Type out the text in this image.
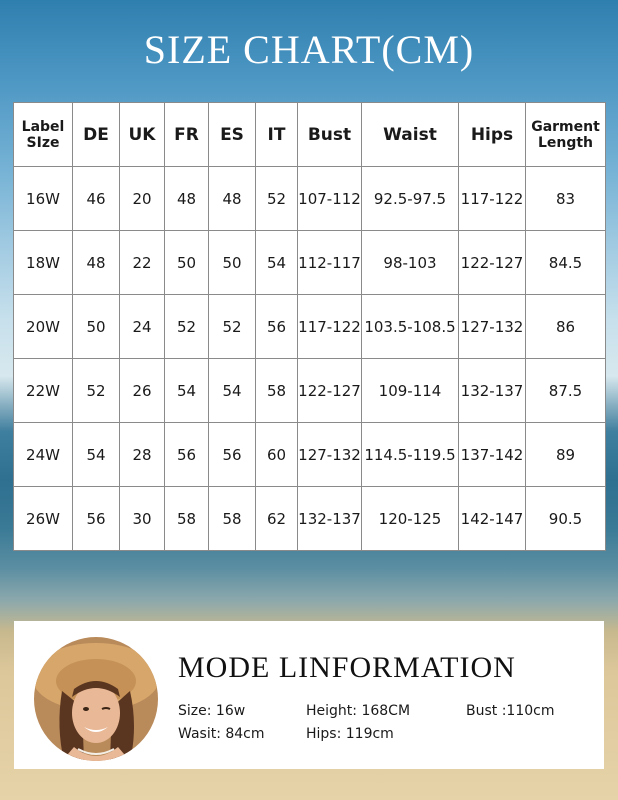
SIZE CHART(CM)
Label SIze	DE	UK	FR	ES	IT	Bust	Waist	Hips	Garment Length
16W	46	20	48	48	52	107-112	92.5-97.5	117-122	83
18W	48	22	50	50	54	112-117	98-103	122-127	84.5
20W	50	24	52	52	56	117-122	103.5-108.5	127-132	86
22W	52	26	54	54	58	122-127	109-114	132-137	87.5
24W	54	28	56	56	60	127-132	114.5-119.5	137-142	89
26W	56	30	58	58	62	132-137	120-125	142-147	90.5
MODE LINFORMATION
Size: 16w	Height: 168CM	Bust :110cm
Wasit: 84cm	Hips: 119cm
